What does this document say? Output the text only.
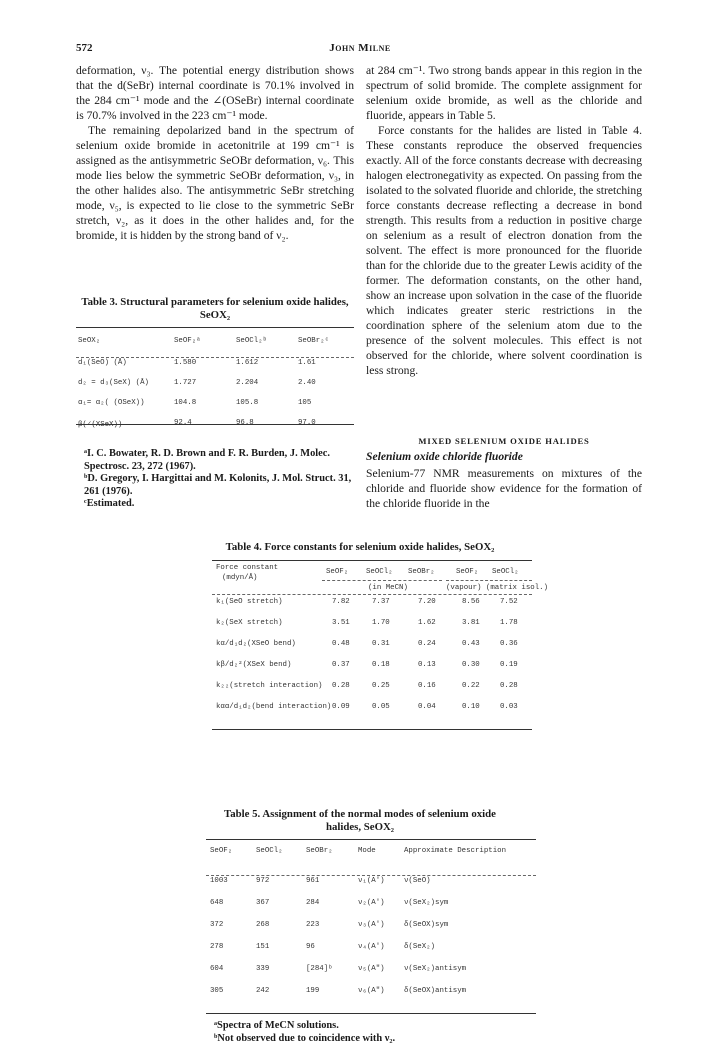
572	John Milne

deformation, ν₃. The potential energy distribution shows that the d(SeBr) internal coordinate is 70.1% involved in the 284 cm⁻¹ mode and the ∠(OSeBr) internal coordinate is 70.7% involved in the 223 cm⁻¹ mode.

The remaining depolarized band in the spectrum of selenium oxide bromide in acetonitrile at 199 cm⁻¹ is assigned as the antisymmetric SeOBr deformation, ν₆. This mode lies below the symmetric SeOBr deformation, ν₃, in the other halides also. The antisymmetric SeBr stretching mode, ν₅, is expected to lie close to the symmetric SeBr stretch, ν₂, as it does in the other halides and, for the bromide, it is hidden by the strong band of ν₂.

Table 3. Structural parameters for selenium oxide halides, SeOX₂
SeOX₂	SeOF₂ᵃ	SeOCl₂ᵇ	SeOBr₂ᶜ
d₁(SeO) (Å)	1.580	1.612	1.61
d₂ = d₃(SeX) (Å)	1.727	2.204	2.40
α₁= α₂( (OSeX))	104.8	105.8	105
β(∠(XSeX))	92.4	96.8	97.0

ᵃI. C. Bowater, R. D. Brown and F. R. Burden, J. Molec. Spectrosc. 23, 272 (1967).

ᵇD. Gregory, I. Hargittai and M. Kolonits, J. Mol. Struct. 31, 261 (1976).

ᶜEstimated.

at 284 cm⁻¹. Two strong bands appear in this region in the spectrum of solid bromide. The complete assignment for selenium oxide bromide, as well as the chloride and fluoride, appears in Table 5.

Force constants for the halides are listed in Table 4. These constants reproduce the observed frequencies exactly. All of the force constants decrease with decreasing halogen electronegativity as expected. On passing from the isolated to the solvated fluoride and chloride, the stretching force constants decrease reflecting a decrease in bond strength. This results from a reduction in positive charge on selenium as a result of electron donation from the solvent. The effect is more pronounced for the fluoride than for the chloride due to the greater Lewis acidity of the former. The deformation constants, on the other hand, show an increase upon solvation in the case of the fluoride which indicates greater steric restrictions in the coordination sphere of the selenium atom due to the presence of the solvent molecules. This effect is not observed for the chloride, where solvent coordination is less strong.

MIXED SELENIUM OXIDE HALIDES
Selenium oxide chloride fluoride
Selenium-77 NMR measurements on mixtures of the chloride and fluoride show evidence for the formation of the chloride fluoride in the
Table 4. Force constants for selenium oxide halides, SeOX₂
Force constant
(mdyn/Å)
SeOF₂ SeOCl₂ SeOBr₂	SeOF₂ SeOCl₂
(in MeCN)	(vapour) (matrix isol.)
k₁(SeO stretch)	7.82	7.37	7.20	8.56	7.52
k₂(SeX stretch)	3.51	1.70	1.62	3.81	1.78
kα/d₁d₂(XSeO bend)	0.48	0.31	0.24	0.43	0.36
kβ/d₂²(XSeX bend)	0.37	0.18	0.13	0.30	0.19
k₂₂(stretch interaction)	0.28	0.25	0.16	0.22	0.28
kαα/d₁d₂(bend interaction)	0.09	0.05	0.04	0.10	0.03
Table 5. Assignment of the normal modes of selenium oxide
halides, SeOX₂
SeOF₂	SeOCl₂	SeOBr₂	Mode	Approximate Description
1003	972	961	ν₁(A′)	ν(SeO)
648	367	284	ν₂(A′)	ν(SeX₂)sym
372	268	223	ν₃(A′)	δ(SeOX)sym
278	151	96	ν₄(A′)	δ(SeX₂)
604	339	[284]ᵇ	ν₅(A″)	ν(SeX₂)antisym
305	242	199	ν₆(A″)	δ(SeOX)antisym
ᵃSpectra of MeCN solutions.
ᵇNot observed due to coincidence with ν₂.
